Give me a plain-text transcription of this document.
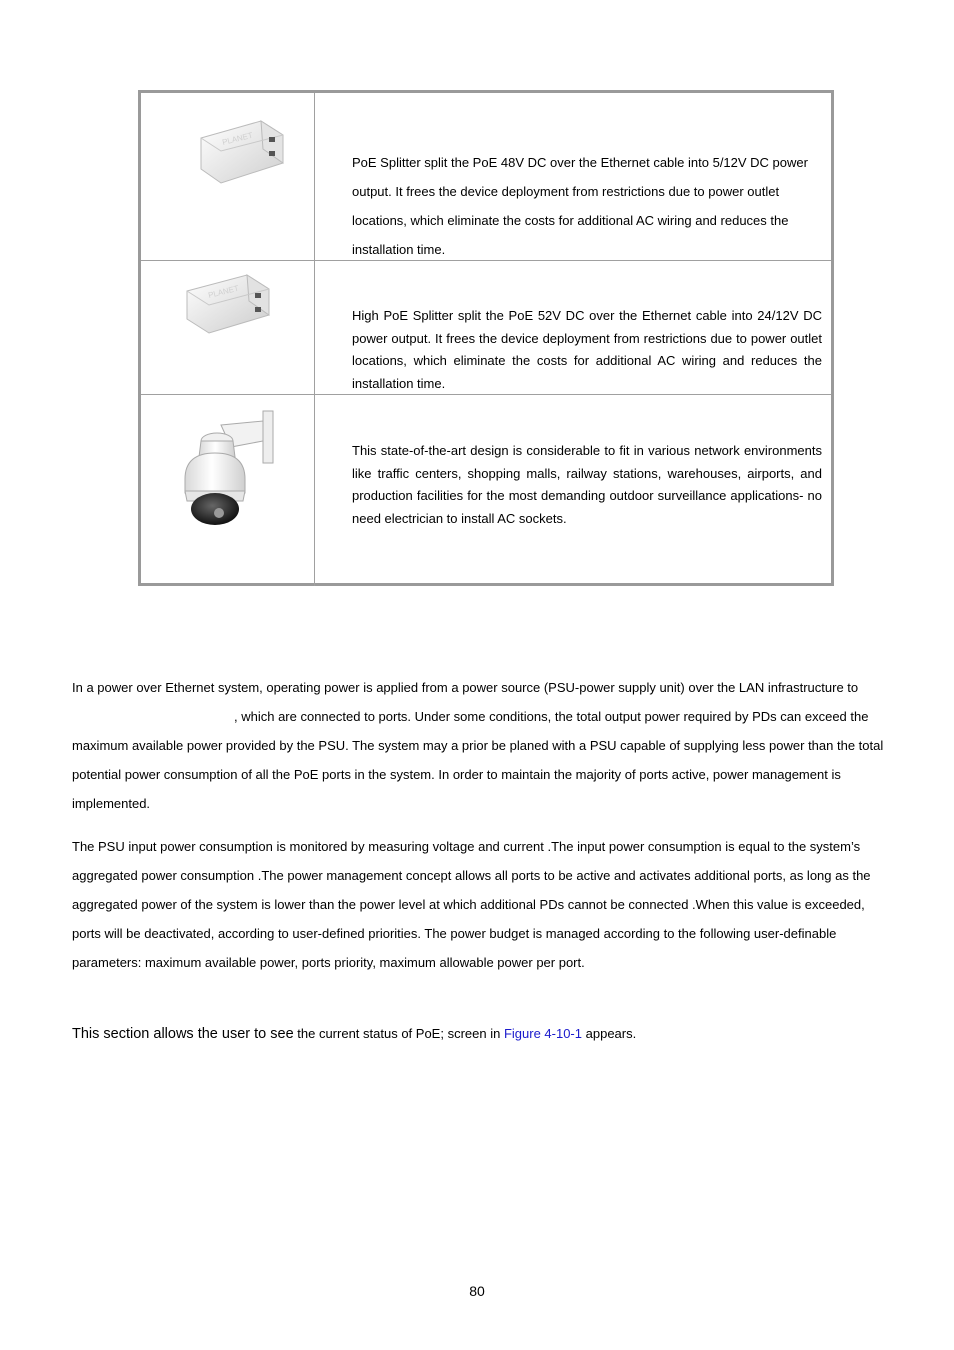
PLANET
PoE Splitter split the PoE 48V DC over the Ethernet cable into 5/12V DC power output. It frees the device deployment from restrictions due to power outlet locations, which eliminate the costs for additional AC wiring and reduces the installation time.
PLANET
High PoE Splitter split the PoE 52V DC over the Ethernet cable into 24/12V DC power output. It frees the device deployment from restrictions due to power outlet locations, which eliminate the costs for additional AC wiring and reduces the installation time.
This state-of-the-art design is considerable to fit in various network environments like traffic centers, shopping malls, railway stations, warehouses, airports, and production facilities for the most demanding outdoor surveillance applications- no need electrician to install AC sockets.
In a power over Ethernet system, operating power is applied from a power source (PSU-power supply unit) over the LAN infrastructure to, which are connected to ports. Under some conditions, the total output power required by PDs can exceed the maximum available power provided by the PSU. The system may a prior be planed with a PSU capable of supplying less power than the total potential power consumption of all the PoE ports in the system. In order to maintain the majority of ports active, power management is implemented.
The PSU input power consumption is monitored by measuring voltage and current .The input power consumption is equal to the system’s aggregated power consumption .The power management concept allows all ports to be active and activates additional ports, as long as the aggregated power of the system is lower than the power level at which additional PDs cannot be connected .When this value is exceeded, ports will be deactivated, according to user-defined priorities. The power budget is managed according to the following user-definable parameters: maximum available power, ports priority, maximum allowable power per port.
This section allows the user to see the current status of PoE; screen in Figure 4-10-1 appears.
80
